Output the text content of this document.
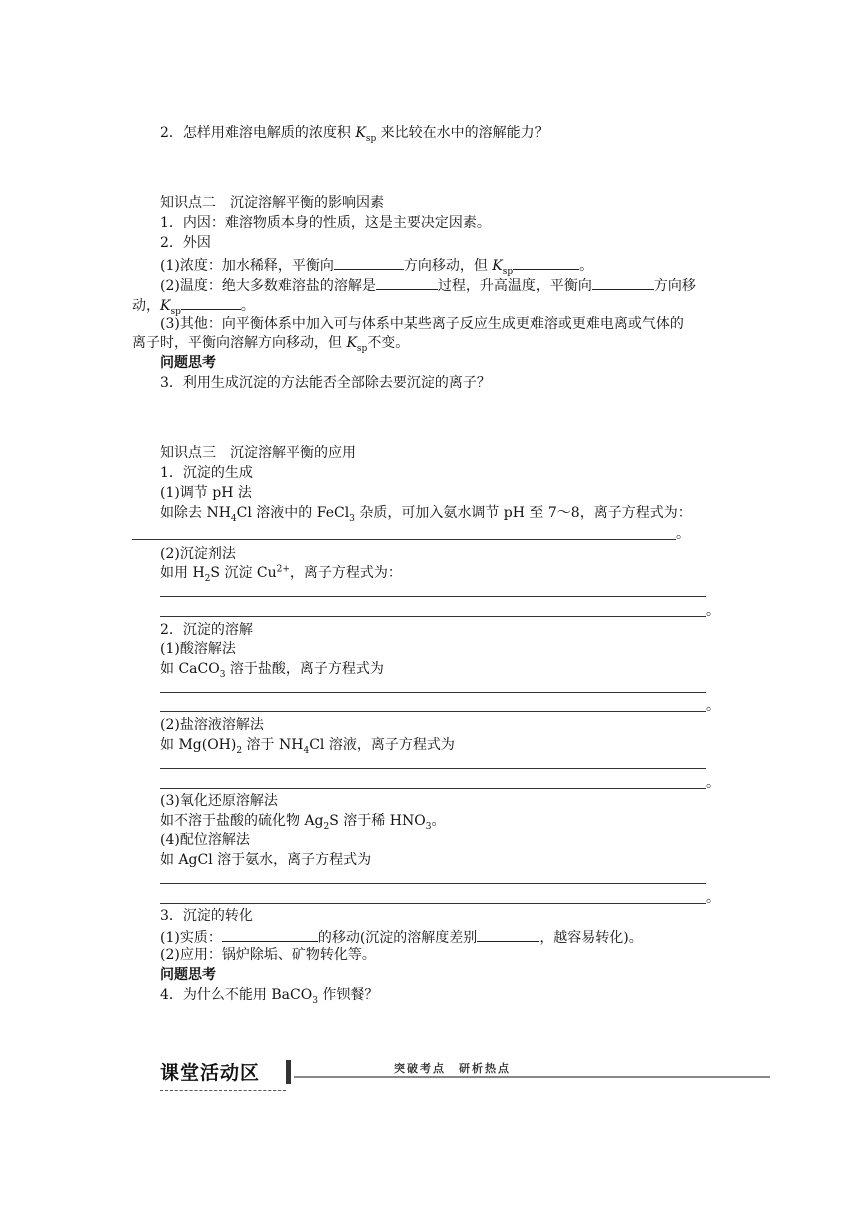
2．怎样用难溶电解质的浓度积 $K_{sp}$ 来比较在水中的溶解能力？
知识点二　沉淀溶解平衡的影响因素
1．内因：难溶物质本身的性质，这是主要决定因素。
2．外因
(1)浓度：加水稀释，平衡向	方向移动，但 $K_{sp}$	。
(2)温度：绝大多数难溶盐的溶解是	过程，升高温度，平衡向	方向移
动，$K_{sp}$	。
(3)其他：向平衡体系中加入可与体系中某些离子反应生成更难溶或更难电离或气体的
离子时，平衡向溶解方向移动，但 $K_{sp}$不变。
问题思考
3．利用生成沉淀的方法能否全部除去要沉淀的离子？
知识点三　沉淀溶解平衡的应用
1．沉淀的生成
(1)调节 pH 法
如除去 $NH_4Cl$ 溶液中的 FeCl$_3$ 杂质，可加入氨水调节 pH 至 7～8，离子方程式为：
。
(2)沉淀剂法
如用 $H_2S$ 沉淀 $Cu^{2+}$，离子方程式为：
。
2．沉淀的溶解
(1)酸溶解法
如 CaCO$_3$ 溶于盐酸，离子方程式为
。
(2)盐溶液溶解法
如 $Mg(OH)_2$ 溶于 $NH_4Cl$ 溶液，离子方程式为
。
(3)氧化还原溶解法
如不溶于盐酸的硫化物 $Ag_2S$ 溶于稀 $HNO_3$。
(4)配位溶解法
如 AgCl 溶于氨水，离子方程式为
。
3．沉淀的转化
(1)实质：	的移动(沉淀的溶解度差别	，越容易转化)。
(2)应用：锅炉除垢、矿物转化等。
问题思考
4．为什么不能用 BaCO$_3$ 作钡餐？
课堂活动区	突破考点　研析热点
